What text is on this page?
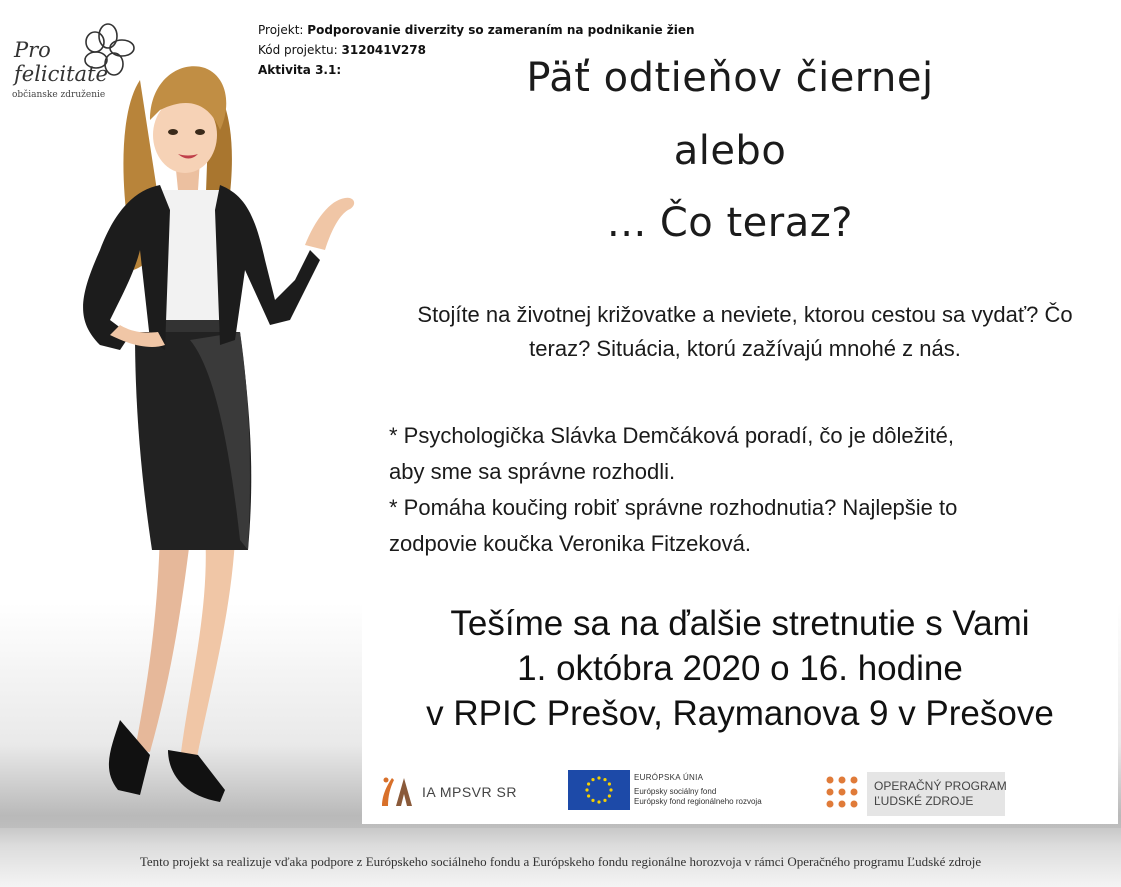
Pro
felicitate
občianske združenie
Projekt: Podporovanie diverzity so zameraním na podnikanie žien
Kód projektu: 312041V278
Aktivita 3.1:	Päť odtieňov čiernej
alebo
... Čo teraz?
Stojíte na životnej križovatke a neviete, ktorou cestou sa vydať? Čo teraz? Situácia, ktorú zažívajú mnohé z nás.
* Psychologička Slávka Demčáková poradí, čo je dôležité,
aby sme sa správne rozhodli.
* Pomáha koučing robiť správne rozhodnutia? Najlepšie to
zodpovie koučka Veronika Fitzeková.
Tešíme sa na ďalšie stretnutie s Vami
1. októbra 2020 o 16. hodine
v RPIC Prešov, Raymanova 9 v Prešove
IA MPSVR SR
EURÓPSKA ÚNIA
Európsky sociálny fond
Európsky fond regionálneho rozvoja
OPERAČNÝ PROGRAM
ĽUDSKÉ ZDROJE
Tento projekt sa realizuje vďaka podpore z Európskeho sociálneho fondu a Európskeho fondu regionálne horozvoja v rámci Operačného programu Ľudské zdroje
